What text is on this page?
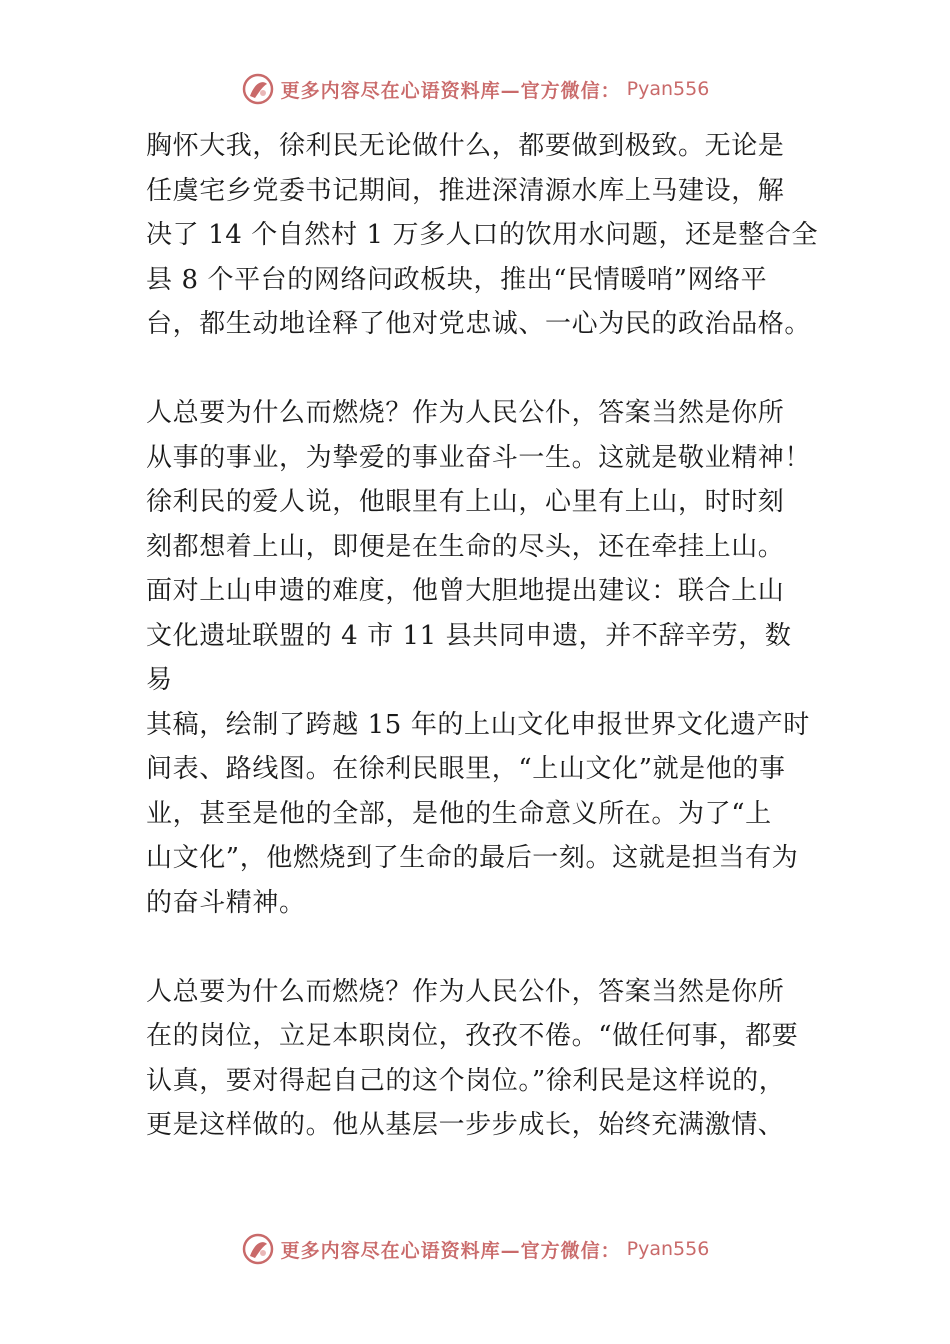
更多内容尽在心语资料库—官方微信： Pyan556
胸怀大我，徐利民无论做什么，都要做到极致。无论是
任虞宅乡党委书记期间，推进深清源水库上马建设，解
决了 14 个自然村 1 万多人口的饮用水问题，还是整合全
县 8 个平台的网络问政板块，推出“民情暖哨”网络平
台，都生动地诠释了他对党忠诚、一心为民的政治品格。
人总要为什么而燃烧？作为人民公仆，答案当然是你所
从事的事业，为挚爱的事业奋斗一生。这就是敬业精神！
徐利民的爱人说，他眼里有上山，心里有上山，时时刻
刻都想着上山，即便是在生命的尽头，还在牵挂上山。
面对上山申遗的难度，他曾大胆地提出建议：联合上山
文化遗址联盟的 4 市 11 县共同申遗，并不辞辛劳，数
易
其稿，绘制了跨越 15 年的上山文化申报世界文化遗产时
间表、路线图。在徐利民眼里，“上山文化”就是他的事
业，甚至是他的全部，是他的生命意义所在。为了“上
山文化”，他燃烧到了生命的最后一刻。这就是担当有为
的奋斗精神。
人总要为什么而燃烧？作为人民公仆，答案当然是你所
在的岗位，立足本职岗位，孜孜不倦。“做任何事，都要
认真，要对得起自己的这个岗位。”徐利民是这样说的，
更是这样做的。他从基层一步步成长，始终充满激情、
更多内容尽在心语资料库—官方微信： Pyan556
